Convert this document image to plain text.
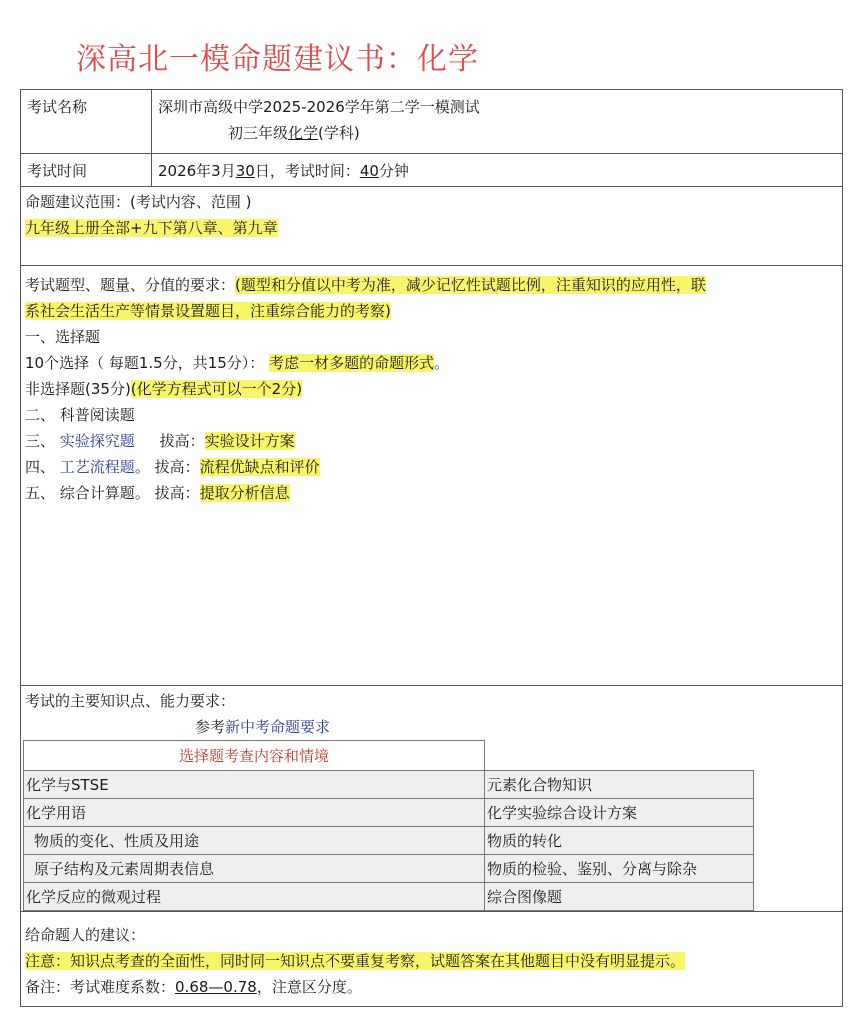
深高北一模命题建议书：化学
考试名称	深圳市高级中学2025-2026学年第二学一模测试
初三年级化学(学科)
考试时间	2026年3月30日，考试时间：40分钟
命题建议范围：(考试内容、范围 )
九年级上册全部+九下第八章、第九章
考试题型、题量、分值的要求：(题型和分值以中考为准，减少记忆性试题比例，注重知识的应用性，联
系社会生活生产等情景设置题目，注重综合能力的考察)
一、选择题
10个选择（ 每题1.5分，共15分）： 考虑一材多题的命题形式。
非选择题(35分)(化学方程式可以一个2分)
二、 科普阅读题
三、 实验探究题 拔高：实验设计方案
四、 工艺流程题。 拔高：流程优缺点和评价
五、 综合计算题。 拔高：提取分析信息
考试的主要知识点、能力要求：
参考新中考命题要求
选择题考查内容和情境	
化学与STSE	元素化合物知识
化学用语	化学实验综合设计方案
物质的变化、性质及用途	物质的转化
原子结构及元素周期表信息	物质的检验、鉴别、分离与除杂
化学反应的微观过程	综合图像题
给命题人的建议：
注意：知识点考查的全面性，同时同一知识点不要重复考察，试题答案在其他题目中没有明显提示。
备注：考试难度系数：0.68—0.78，注意区分度。
